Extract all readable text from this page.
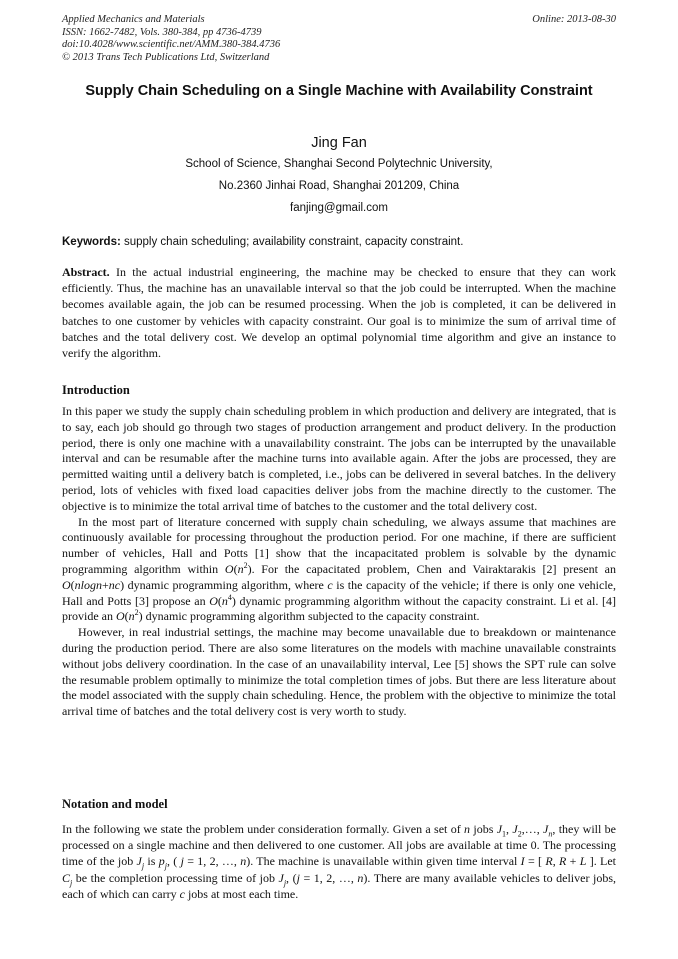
Applied Mechanics and Materials
ISSN: 1662-7482, Vols. 380-384, pp 4736-4739
doi:10.4028/www.scientific.net/AMM.380-384.4736
© 2013 Trans Tech Publications Ltd, Switzerland
Online: 2013-08-30
Supply Chain Scheduling on a Single Machine with Availability Constraint
Jing Fan
School of Science, Shanghai Second Polytechnic University,
No.2360 Jinhai Road, Shanghai 201209, China
fanjing@gmail.com
Keywords: supply chain scheduling; availability constraint, capacity constraint.
Abstract. In the actual industrial engineering, the machine may be checked to ensure that they can work efficiently. Thus, the machine has an unavailable interval so that the job could be interrupted. When the machine becomes available again, the job can be resumed processing. When the job is completed, it can be delivered in batches to one customer by vehicles with capacity constraint. Our goal is to minimize the sum of arrival time of batches and the total delivery cost. We develop an optimal polynomial time algorithm and give an instance to verify the algorithm.
Introduction

In this paper we study the supply chain scheduling problem in which production and delivery are integrated, that is to say, each job should go through two stages of production arrangement and product delivery. In the production period, there is only one machine with a unavailability constraint. The jobs can be interrupted by the unavailable interval and can be resumable after the machine turns into available again. After the jobs are processed, they are permitted waiting until a delivery batch is completed, i.e., jobs can be delivered in several batches. In the delivery period, lots of vehicles with fixed load capacities deliver jobs from the machine directly to the customer. The objective is to minimize the total arrival time of batches to the customer and the total delivery cost.

In the most part of literature concerned with supply chain scheduling, we always assume that machines are continuously available for processing throughout the production period. For one machine, if there are sufficient number of vehicles, Hall and Potts [1] show that the incapacitated problem is solvable by the dynamic programming algorithm within $O(n^2)$. For the capacitated problem, Chen and Vairaktarakis [2] present an O(nlogn+nc) dynamic programming algorithm, where c is the capacity of the vehicle; if there is only one vehicle, Hall and Potts [3] propose an $O(n^4)$ dynamic programming algorithm without the capacity constraint. Li et al. [4] provide an $O(n^2)$ dynamic programming algorithm subjected to the capacity constraint.

However, in real industrial settings, the machine may become unavailable due to breakdown or maintenance during the production period. There are also some literatures on the models with machine unavailable constraints without jobs delivery coordination. In the case of an unavailability interval, Lee [5] shows the SPT rule can solve the resumable problem optimally to minimize the total completion times of jobs. But there are less literature about the model associated with the supply chain scheduling. Hence, the problem with the objective to minimize the total arrival time of batches and the total delivery cost is very worth to study.

Notation and model

In the following we state the problem under consideration formally. Given a set of n jobs $J_1$, $J_2,\dots$, $J_n$, they will be processed on a single machine and then delivered to one customer. All jobs are available at time 0. The processing time of the job $J_j$ is $p_j$, ( j = 1, 2, …, n). The machine is unavailable within given time interval I = [ R, R + L ]. Let $C_j$ be the completion processing time of job $J_j$, (j = 1, 2, …, n). There are many available vehicles to deliver jobs, each of which can carry c jobs at most each time.
